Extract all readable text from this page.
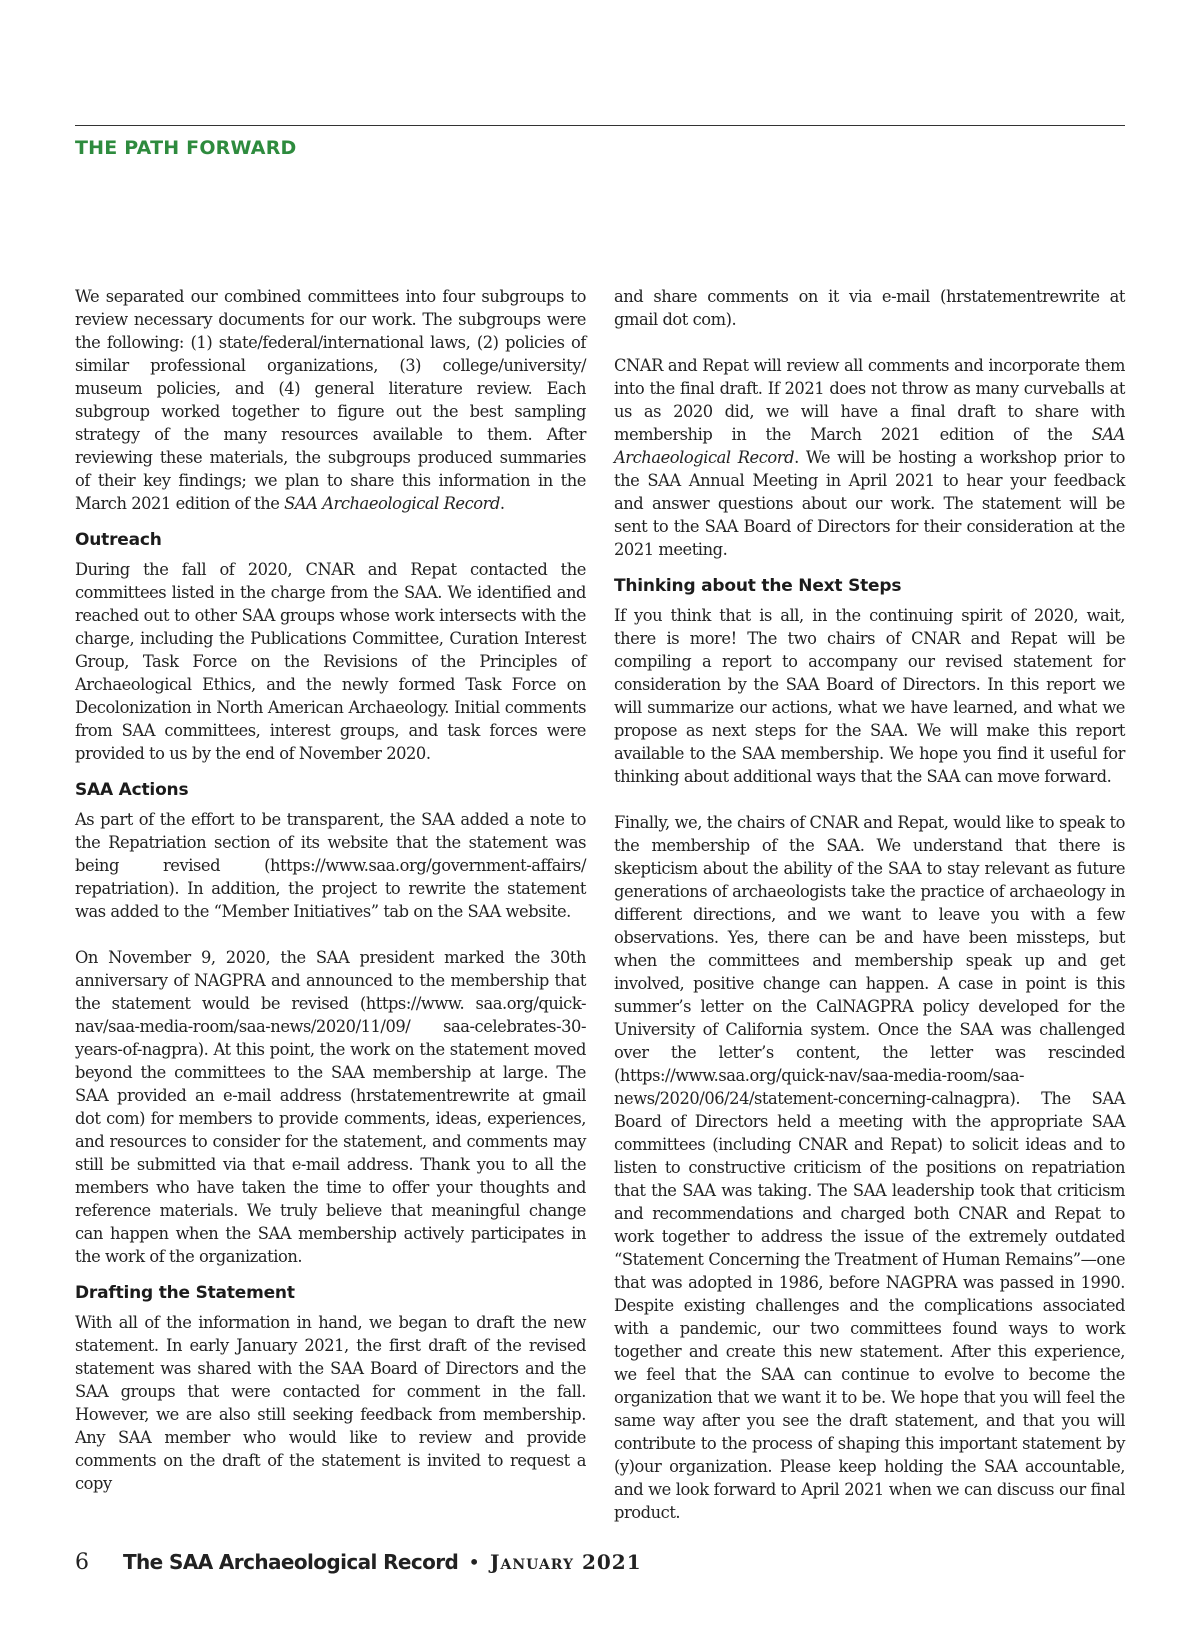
THE PATH FORWARD

We separated our combined committees into four subgroups to review necessary documents for our work. The subgroups were the following: (1) state/federal/international laws, (2) policies of similar professional organizations, (3) college/university/ museum policies, and (4) general literature review. Each subgroup worked together to figure out the best sampling strategy of the many resources available to them. After reviewing these materials, the subgroups produced summaries of their key findings; we plan to share this information in the March 2021 edition of the SAA Archaeological Record.

Outreach

During the fall of 2020, CNAR and Repat contacted the committees listed in the charge from the SAA. We identified and reached out to other SAA groups whose work intersects with the charge, including the Publications Committee, Curation Interest Group, Task Force on the Revisions of the Principles of Archaeological Ethics, and the newly formed Task Force on Decolonization in North American Archaeology. Initial comments from SAA committees, interest groups, and task forces were provided to us by the end of November 2020.

SAA Actions

As part of the effort to be transparent, the SAA added a note to the Repatriation section of its website that the statement was being revised (https://www.saa.org/government-affairs/ repatriation). In addition, the project to rewrite the statement was added to the “Member Initiatives” tab on the SAA website.

On November 9, 2020, the SAA president marked the 30th anniversary of NAGPRA and announced to the membership that the statement would be revised (https://www. saa.org/quick-nav/saa-media-room/saa-news/2020/11/09/ saa-celebrates-30-years-of-nagpra). At this point, the work on the statement moved beyond the committees to the SAA membership at large. The SAA provided an e-mail address (hrstatementrewrite at gmail dot com) for members to provide comments, ideas, experiences, and resources to consider for the statement, and comments may still be submitted via that e-mail address. Thank you to all the members who have taken the time to offer your thoughts and reference materials. We truly believe that meaningful change can happen when the SAA membership actively participates in the work of the organization.

Drafting the Statement

With all of the information in hand, we began to draft the new statement. In early January 2021, the first draft of the revised statement was shared with the SAA Board of Directors and the SAA groups that were contacted for comment in the fall. However, we are also still seeking feedback from membership. Any SAA member who would like to review and provide comments on the draft of the statement is invited to request a copy

and share comments on it via e-mail (hrstatementrewrite at gmail dot com).

CNAR and Repat will review all comments and incorporate them into the final draft. If 2021 does not throw as many curveballs at us as 2020 did, we will have a final draft to share with membership in the March 2021 edition of the SAA Archaeological Record. We will be hosting a workshop prior to the SAA Annual Meeting in April 2021 to hear your feedback and answer questions about our work. The statement will be sent to the SAA Board of Directors for their consideration at the 2021 meeting.

Thinking about the Next Steps

If you think that is all, in the continuing spirit of 2020, wait, there is more! The two chairs of CNAR and Repat will be compiling a report to accompany our revised statement for consideration by the SAA Board of Directors. In this report we will summarize our actions, what we have learned, and what we propose as next steps for the SAA. We will make this report available to the SAA membership. We hope you find it useful for thinking about additional ways that the SAA can move forward.

Finally, we, the chairs of CNAR and Repat, would like to speak to the membership of the SAA. We understand that there is skepticism about the ability of the SAA to stay relevant as future generations of archaeologists take the practice of archaeology in different directions, and we want to leave you with a few observations. Yes, there can be and have been missteps, but when the committees and membership speak up and get involved, positive change can happen. A case in point is this summer’s letter on the CalNAGPRA policy developed for the University of California system. Once the SAA was challenged over the letter’s content, the letter was rescinded (https://www.saa.org/quick-nav/saa-media-room/saa-news/2020/06/24/statement-concerning-calnagpra). The SAA Board of Directors held a meeting with the appropriate SAA committees (including CNAR and Repat) to solicit ideas and to listen to constructive criticism of the positions on repatriation that the SAA was taking. The SAA leadership took that criticism and recommendations and charged both CNAR and Repat to work together to address the issue of the extremely outdated “Statement Concerning the Treatment of Human Remains”—one that was adopted in 1986, before NAGPRA was passed in 1990. Despite existing challenges and the complications associated with a pandemic, our two committees found ways to work together and create this new statement. After this experience, we feel that the SAA can continue to evolve to become the organization that we want it to be. We hope that you will feel the same way after you see the draft statement, and that you will contribute to the process of shaping this important statement by (y)our organization. Please keep holding the SAA accountable, and we look forward to April 2021 when we can discuss our final product.

6 The SAA Archaeological Record • January 2021
